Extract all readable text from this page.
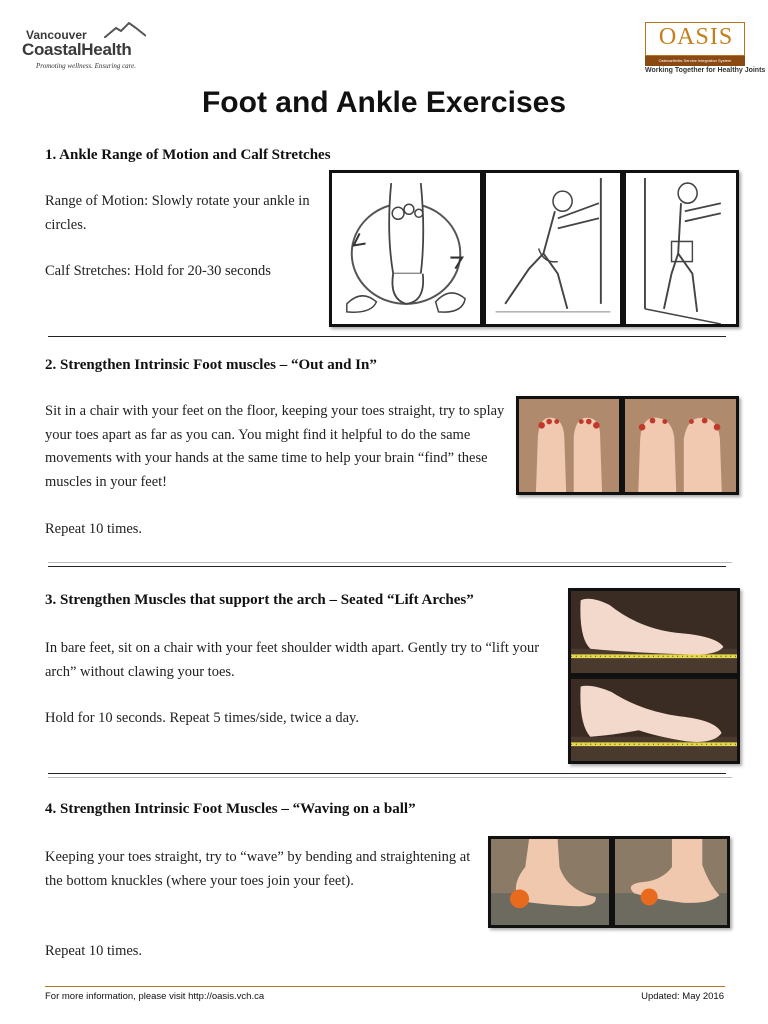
Vancouver
CoastalHealth
Promoting wellness. Ensuring care.
OASIS
Osteoarthritis Service Integration System
Working Together for Healthy Joints
Foot and Ankle Exercises
1. Ankle Range of Motion and Calf Stretches

Range of Motion: Slowly rotate your ankle in circles.

Calf Stretches: Hold for 20-30 seconds

2. Strengthen Intrinsic Foot muscles – “Out and In”

Sit in a chair with your feet on the floor, keeping your toes straight, try to splay your toes apart as far as you can. You might find it helpful to do the same movements with your hands at the same time to help your brain “find” these muscles in your feet!

Repeat 10 times.

3. Strengthen Muscles that support the arch – Seated “Lift Arches”

In bare feet, sit on a chair with your feet shoulder width apart. Gently try to “lift your arch” without clawing your toes.

Hold for 10 seconds. Repeat 5 times/side, twice a day.

4. Strengthen Intrinsic Foot Muscles – “Waving on a ball”

Keeping your toes straight, try to “wave” by bending and straightening at the bottom knuckles (where your toes join your feet).

Repeat 10 times.

For more information, please visit http://oasis.vch.ca	Updated: May 2016
